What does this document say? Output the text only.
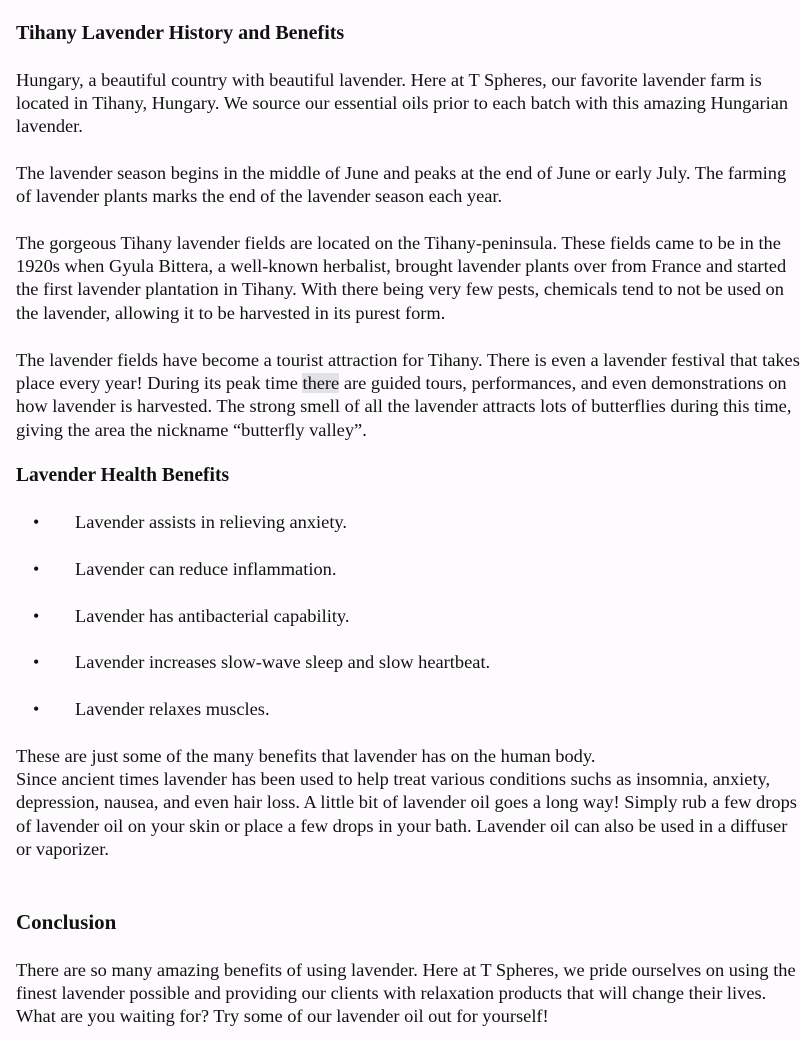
Tihany Lavender History and Benefits

Hungary, a beautiful country with beautiful lavender. Here at T Spheres, our favorite lavender farm is located in Tihany, Hungary. We source our essential oils prior to each batch with this amazing Hungarian lavender.

The lavender season begins in the middle of June and peaks at the end of June or early July. The farming of lavender plants marks the end of the lavender season each year.

The gorgeous Tihany lavender fields are located on the Tihany-peninsula. These fields came to be in the 1920s when Gyula Bittera, a well-known herbalist, brought lavender plants over from France and started the first lavender plantation in Tihany. With there being very few pests, chemicals tend to not be used on the lavender, allowing it to be harvested in its purest form.

The lavender fields have become a tourist attraction for Tihany. There is even a lavender festival that takes place every year! During its peak time there are guided tours, performances, and even demonstrations on how lavender is harvested. The strong smell of all the lavender attracts lots of butterflies during this time, giving the area the nickname “butterfly valley”.

Lavender Health Benefits
• Lavender assists in relieving anxiety.
• Lavender can reduce inflammation.
• Lavender has antibacterial capability.
• Lavender increases slow-wave sleep and slow heartbeat.
• Lavender relaxes muscles.
These are just some of the many benefits that lavender has on the human body.
Since ancient times lavender has been used to help treat various conditions suchs as insomnia, anxiety, depression, nausea, and even hair loss. A little bit of lavender oil goes a long way! Simply rub a few drops of lavender oil on your skin or place a few drops in your bath. Lavender oil can also be used in a diffuser or vaporizer.
Conclusion

There are so many amazing benefits of using lavender. Here at T Spheres, we pride ourselves on using the finest lavender possible and providing our clients with relaxation products that will change their lives. What are you waiting for? Try some of our lavender oil out for yourself!
